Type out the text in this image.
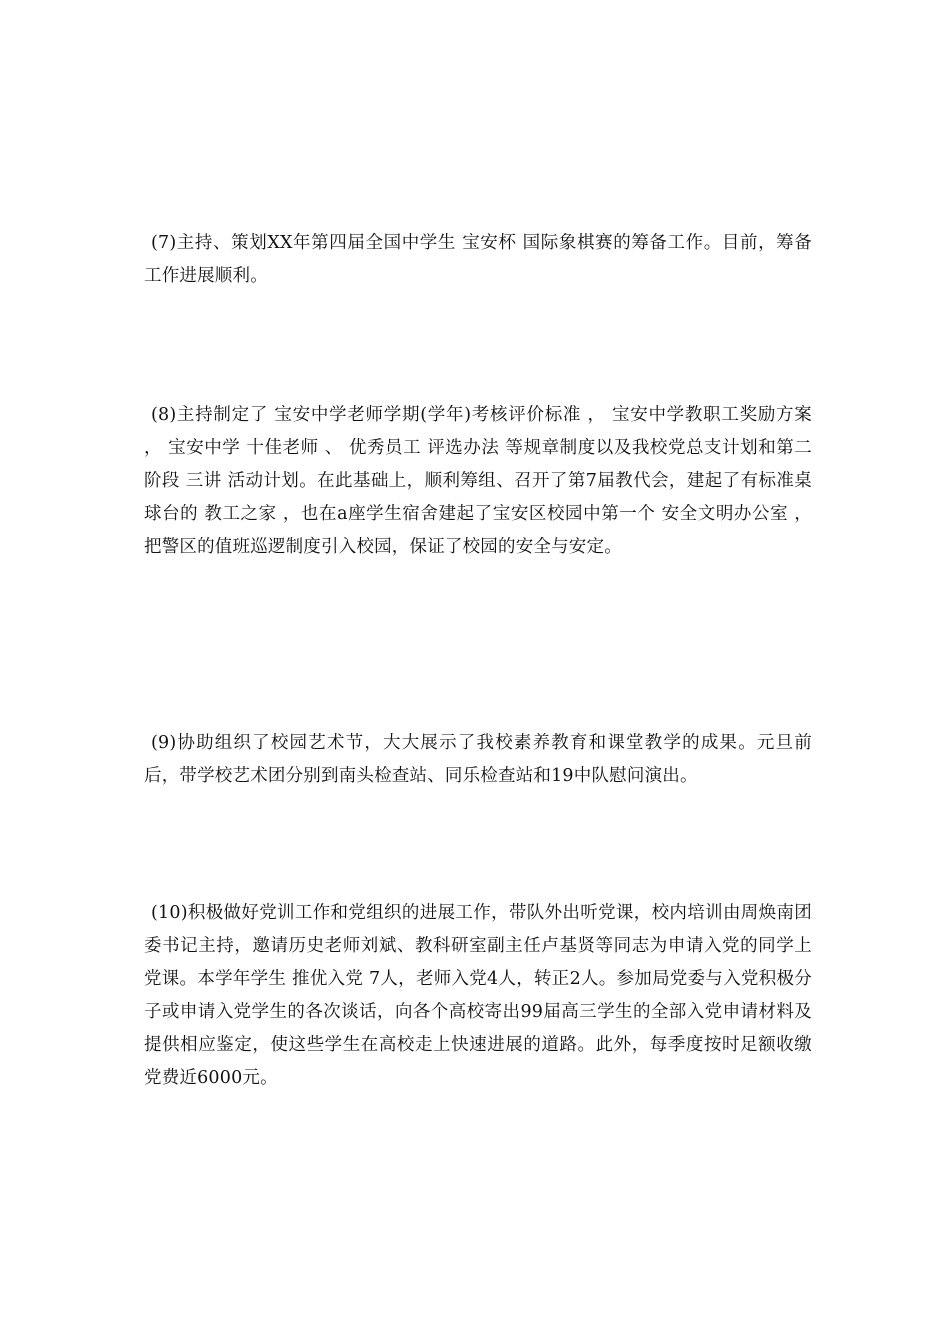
(7)主持、策划XX年第四届全国中学生 宝安杯 国际象棋赛的筹备工作。目前，筹备工作进展顺利。

(8)主持制定了 宝安中学老师学期(学年)考核评价标准 ， 宝安中学教职工奖励方案 ， 宝安中学 十佳老师 、 优秀员工 评选办法 等规章制度以及我校党总支计划和第二阶段 三讲 活动计划。在此基础上，顺利筹组、召开了第7届教代会，建起了有标准桌球台的 教工之家 ，也在a座学生宿舍建起了宝安区校园中第一个 安全文明办公室 ，把警区的值班巡逻制度引入校园，保证了校园的安全与安定。

(9)协助组织了校园艺术节，大大展示了我校素养教育和课堂教学的成果。元旦前后，带学校艺术团分别到南头检查站、同乐检查站和19中队慰问演出。

(10)积极做好党训工作和党组织的进展工作，带队外出听党课，校内培训由周焕南团委书记主持，邀请历史老师刘斌、教科研室副主任卢基贤等同志为申请入党的同学上党课。本学年学生 推优入党 7人，老师入党4人，转正2人。参加局党委与入党积极分子或申请入党学生的各次谈话，向各个高校寄出99届高三学生的全部入党申请材料及提供相应鉴定，使这些学生在高校走上快速进展的道路。此外，每季度按时足额收缴党费近6000元。
